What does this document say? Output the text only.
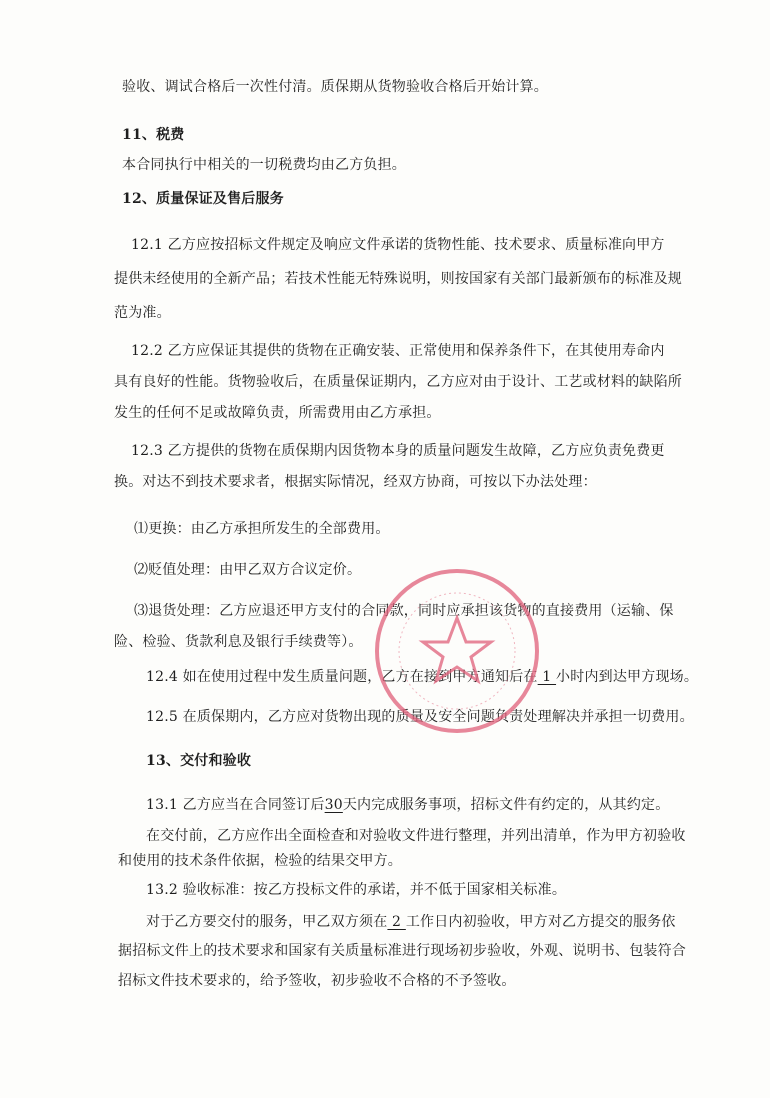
验收、调试合格后一次性付清。质保期从货物验收合格后开始计算。
11、税费
本合同执行中相关的一切税费均由乙方负担。
12、质量保证及售后服务
12.1 乙方应按招标文件规定及响应文件承诺的货物性能、技术要求、质量标准向甲方
提供未经使用的全新产品；若技术性能无特殊说明，则按国家有关部门最新颁布的标准及规
范为准。
12.2 乙方应保证其提供的货物在正确安装、正常使用和保养条件下，在其使用寿命内
具有良好的性能。货物验收后，在质量保证期内，乙方应对由于设计、工艺或材料的缺陷所
发生的任何不足或故障负责，所需费用由乙方承担。
12.3 乙方提供的货物在质保期内因货物本身的质量问题发生故障，乙方应负责免费更
换。对达不到技术要求者，根据实际情况，经双方协商，可按以下办法处理：
⑴更换：由乙方承担所发生的全部费用。
⑵贬值处理：由甲乙双方合议定价。
⑶退货处理：乙方应退还甲方支付的合同款，同时应承担该货物的直接费用（运输、保
险、检验、货款利息及银行手续费等）。
12.4 如在使用过程中发生质量问题，乙方在接到甲方通知后在 1 小时内到达甲方现场。
12.5 在质保期内，乙方应对货物出现的质量及安全问题负责处理解决并承担一切费用。
13、交付和验收
13.1 乙方应当在合同签订后30天内完成服务事项，招标文件有约定的，从其约定。
在交付前，乙方应作出全面检查和对验收文件进行整理，并列出清单，作为甲方初验收
和使用的技术条件依据，检验的结果交甲方。
13.2 验收标准：按乙方投标文件的承诺，并不低于国家相关标准。
对于乙方要交付的服务，甲乙双方须在 2 工作日内初验收，甲方对乙方提交的服务依
据招标文件上的技术要求和国家有关质量标准进行现场初步验收，外观、说明书、包装符合
招标文件技术要求的，给予签收，初步验收不合格的不予签收。
